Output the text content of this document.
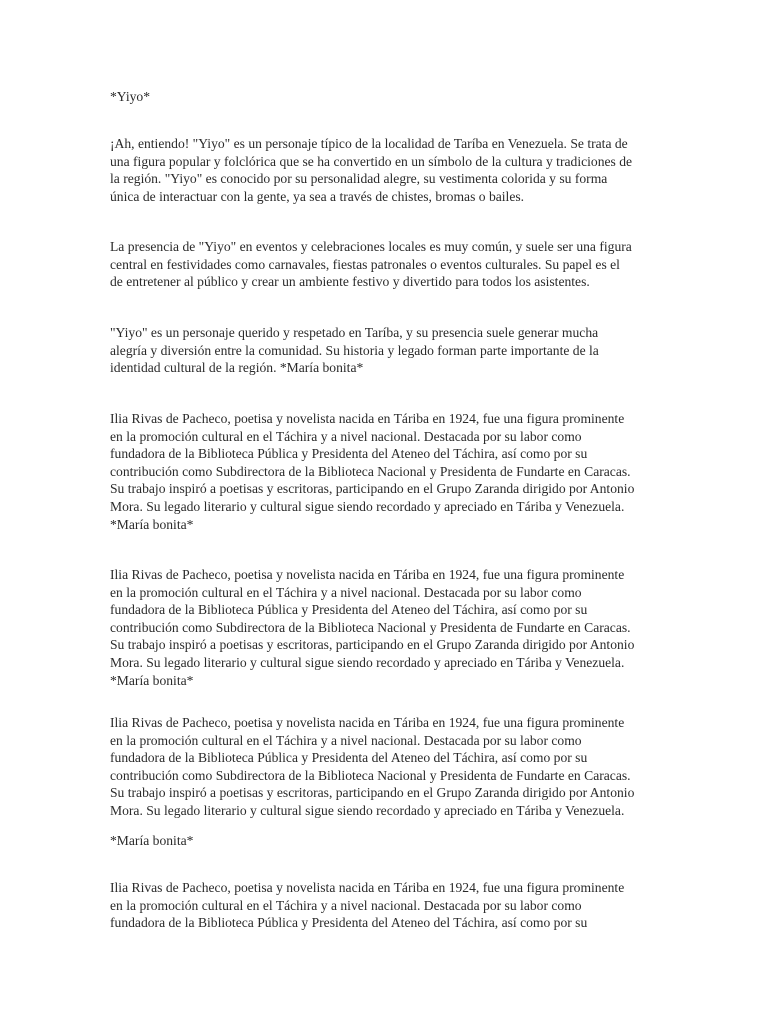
*Yiyo*

¡Ah, entiendo! "Yiyo" es un personaje típico de la localidad de Taríba en Venezuela. Se trata de
una figura popular y folclórica que se ha convertido en un símbolo de la cultura y tradiciones de
la región. "Yiyo" es conocido por su personalidad alegre, su vestimenta colorida y su forma
única de interactuar con la gente, ya sea a través de chistes, bromas o bailes.

La presencia de "Yiyo" en eventos y celebraciones locales es muy común, y suele ser una figura
central en festividades como carnavales, fiestas patronales o eventos culturales. Su papel es el
de entretener al público y crear un ambiente festivo y divertido para todos los asistentes.

"Yiyo" es un personaje querido y respetado en Taríba, y su presencia suele generar mucha
alegría y diversión entre la comunidad. Su historia y legado forman parte importante de la
identidad cultural de la región. *María bonita*

Ilia Rivas de Pacheco, poetisa y novelista nacida en Táriba en 1924, fue una figura prominente
en la promoción cultural en el Táchira y a nivel nacional. Destacada por su labor como
fundadora de la Biblioteca Pública y Presidenta del Ateneo del Táchira, así como por su
contribución como Subdirectora de la Biblioteca Nacional y Presidenta de Fundarte en Caracas.
Su trabajo inspiró a poetisas y escritoras, participando en el Grupo Zaranda dirigido por Antonio
Mora. Su legado literario y cultural sigue siendo recordado y apreciado en Táriba y Venezuela.
*María bonita*

Ilia Rivas de Pacheco, poetisa y novelista nacida en Táriba en 1924, fue una figura prominente
en la promoción cultural en el Táchira y a nivel nacional. Destacada por su labor como
fundadora de la Biblioteca Pública y Presidenta del Ateneo del Táchira, así como por su
contribución como Subdirectora de la Biblioteca Nacional y Presidenta de Fundarte en Caracas.
Su trabajo inspiró a poetisas y escritoras, participando en el Grupo Zaranda dirigido por Antonio
Mora. Su legado literario y cultural sigue siendo recordado y apreciado en Táriba y Venezuela.
*María bonita*

Ilia Rivas de Pacheco, poetisa y novelista nacida en Táriba en 1924, fue una figura prominente
en la promoción cultural en el Táchira y a nivel nacional. Destacada por su labor como
fundadora de la Biblioteca Pública y Presidenta del Ateneo del Táchira, así como por su
contribución como Subdirectora de la Biblioteca Nacional y Presidenta de Fundarte en Caracas.
Su trabajo inspiró a poetisas y escritoras, participando en el Grupo Zaranda dirigido por Antonio
Mora. Su legado literario y cultural sigue siendo recordado y apreciado en Táriba y Venezuela.

*María bonita*

Ilia Rivas de Pacheco, poetisa y novelista nacida en Táriba en 1924, fue una figura prominente
en la promoción cultural en el Táchira y a nivel nacional. Destacada por su labor como
fundadora de la Biblioteca Pública y Presidenta del Ateneo del Táchira, así como por su
